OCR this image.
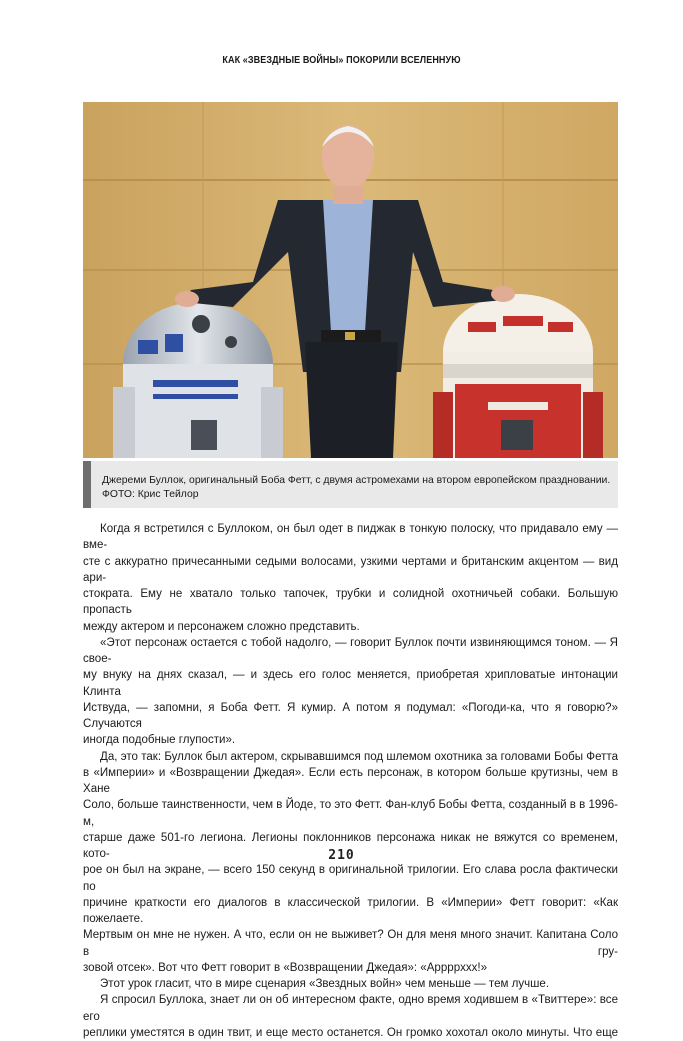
КАК «ЗВЕЗДНЫЕ ВОЙНЫ» ПОКОРИЛИ ВСЕЛЕННУЮ
Джереми Буллок, оригинальный Боба Фетт, с двумя астромехами на втором европейском праздновании.
ФОТО: Крис Тейлор

Когда я встретился с Буллоком, он был одет в пиджак в тонкую полоску, что придавало ему — вме-
сте с аккуратно причесанными седыми волосами, узкими чертами и британским акцентом — вид ари-
стократа. Ему не хватало только тапочек, трубки и солидной охотничьей собаки. Большую пропасть
между актером и персонажем сложно представить.

«Этот персонаж остается с тобой надолго, — говорит Буллок почти извиняющимся тоном. — Я свое-
му внуку на днях сказал, — и здесь его голос меняется, приобретая хрипловатые интонации Клинта
Иствуда, — запомни, я Боба Фетт. Я кумир. А потом я подумал: «Погоди-ка, что я говорю?» Случаются
иногда подобные глупости».

Да, это так: Буллок был актером, скрывавшимся под шлемом охотника за головами Бобы Фетта
в «Империи» и «Возвращении Джедая». Если есть персонаж, в котором больше крутизны, чем в Хане
Соло, больше таинственности, чем в Йоде, то это Фетт. Фан-клуб Бобы Фетта, созданный в в 1996-м,
старше даже 501-го легиона. Легионы поклонников персонажа никак не вяжутся со временем, кото-
рое он был на экране, — всего 150 секунд в оригинальной трилогии. Его слава росла фактически по
причине краткости его диалогов в классической трилогии. В «Империи» Фетт говорит: «Как пожелаете.
Мертвым он мне не нужен. А что, если он не выживет? Он для меня много значит. Капитана Соло в гру-
зовой отсек». Вот что Фетт говорит в «Возвращении Джедая»: «Арррpxxx!»

Этот урок гласит, что в мире сценария «Звездных войн» чем меньше — тем лучше.

Я спросил Буллока, знает ли он об интересном факте, одно время ходившем в «Твиттере»: все его
реплики уместятся в один твит, и еще место останется. Он громко хохотал около минуты. Что еще

210
